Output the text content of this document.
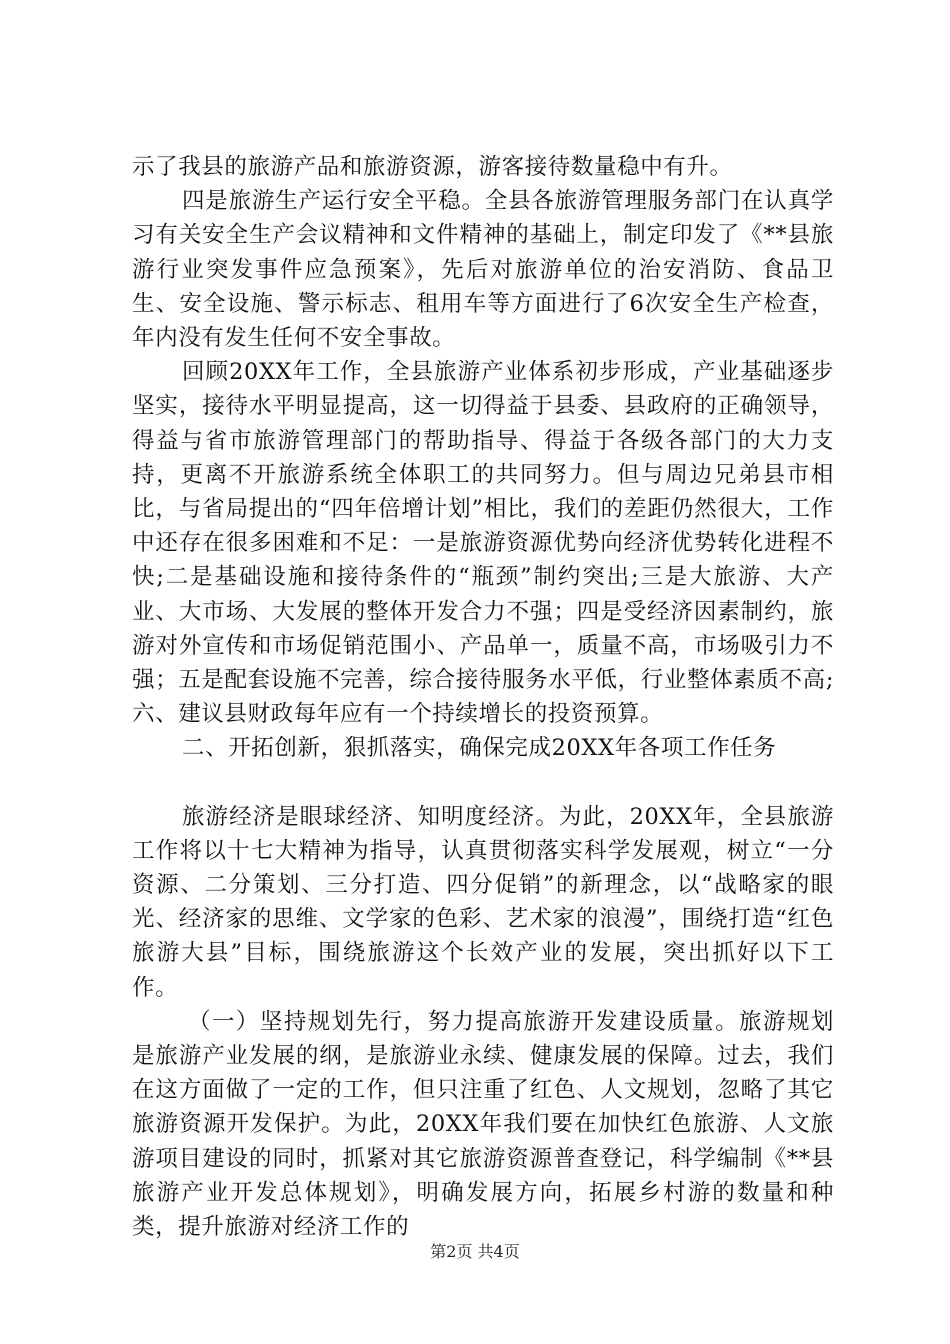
示了我县的旅游产品和旅游资源，游客接待数量稳中有升。

四是旅游生产运行安全平稳。全县各旅游管理服务部门在认真学习有关安全生产会议精神和文件精神的基础上，制定印发了《**县旅游行业突发事件应急预案》，先后对旅游单位的治安消防、食品卫生、安全设施、警示标志、租用车等方面进行了6次安全生产检查，年内没有发生任何不安全事故。

回顾20XX年工作，全县旅游产业体系初步形成，产业基础逐步坚实，接待水平明显提高，这一切得益于县委、县政府的正确领导，得益与省市旅游管理部门的帮助指导、得益于各级各部门的大力支持，更离不开旅游系统全体职工的共同努力。但与周边兄弟县市相比，与省局提出的“四年倍增计划”相比，我们的差距仍然很大，工作中还存在很多困难和不足：一是旅游资源优势向经济优势转化进程不快;二是基础设施和接待条件的“瓶颈”制约突出;三是大旅游、大产业、大市场、大发展的整体开发合力不强；四是受经济因素制约，旅游对外宣传和市场促销范围小、产品单一，质量不高，市场吸引力不强；五是配套设施不完善，综合接待服务水平低，行业整体素质不高;六、建议县财政每年应有一个持续增长的投资预算。

二、开拓创新，狠抓落实，确保完成20XX年各项工作任务

旅游经济是眼球经济、知明度经济。为此，20XX年，全县旅游工作将以十七大精神为指导，认真贯彻落实科学发展观，树立“一分资源、二分策划、三分打造、四分促销”的新理念，以“战略家的眼光、经济家的思维、文学家的色彩、艺术家的浪漫”，围绕打造“红色旅游大县”目标，围绕旅游这个长效产业的发展，突出抓好以下工作。

（一）坚持规划先行，努力提高旅游开发建设质量。旅游规划是旅游产业发展的纲，是旅游业永续、健康发展的保障。过去，我们在这方面做了一定的工作，但只注重了红色、人文规划，忽略了其它旅游资源开发保护。为此，20XX年我们要在加快红色旅游、人文旅游项目建设的同时，抓紧对其它旅游资源普查登记，科学编制《**县旅游产业开发总体规划》，明确发展方向，拓展乡村游的数量和种类，提升旅游对经济工作的

第2页 共4页
